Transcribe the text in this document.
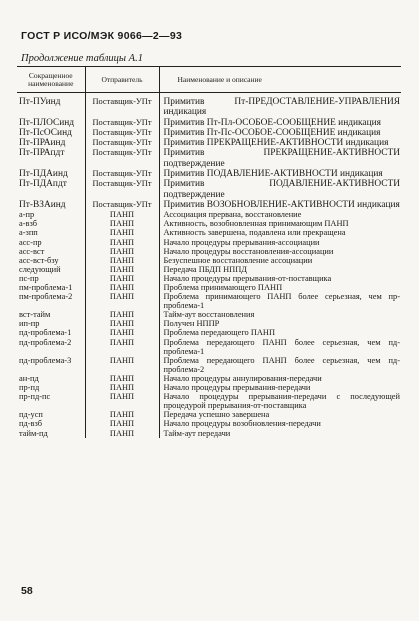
ГОСТ Р ИСО/МЭК 9066—2—93
Продолжение таблицы А.1
Сокращенное наименование	Отправитель	Наименование и описание
Пт-ПУинд	Поставщик-УПт	Примитив Пт-ПРЕДОСТАВЛЕНИЕ-УПРАВЛЕНИЯ индикация
Пт-ПЛОСинд	Поставщик-УПт	Примитив Пт-Пл-ОСОБОЕ-СООБЩЕНИЕ индикация
Пт-ПсОСинд	Поставщик-УПт	Примитив Пт-Пс-ОСОБОЕ-СООБЩЕНИЕ индикация
Пт-ПРАинд	Поставщик-УПт	Примитив ПРЕКРАЩЕНИЕ-АКТИВНОСТИ индикация
Пт-ПРАпдт	Поставщик-УПт	Примитив ПРЕКРАЩЕНИЕ-АКТИВНОСТИ подтверждение
Пт-ПДАинд	Поставщик-УПт	Примитив ПОДАВЛЕНИЕ-АКТИВНОСТИ индикация
Пт-ПДАпдт	Поставщик-УПт	Примитив ПОДАВЛЕНИЕ-АКТИВНОСТИ подтверждение
Пт-ВЗАинд	Поставщик-УПт	Примитив ВОЗОБНОВЛЕНИЕ-АКТИВНОСТИ индикация
а-пр	ПАНП	Ассоциация прервана, восстановление
а-взб	ПАНП	Активность, возобновленная принимающим ПАНП
а-зпп	ПАНП	Активность завершена, подавлена или прекращена
асс-пр	ПАНП	Начало процедуры прерывания-ассоциации
асс-вст	ПАНП	Начало процедуры восстановления-ассоциации
асс-вст-бзу	ПАНП	Безуспешное восстановление ассоциации
следующий	ПАНП	Передача ПБДП НППД
пс-пр	ПАНП	Начало процедуры прерывания-от-поставщика
пм-проблема-1	ПАНП	Проблема принимающего ПАНП
пм-проблема-2	ПАНП	Проблема принимающего ПАНП более серьезная, чем пр-проблема-1
вст-тайм	ПАНП	Тайм-аут восстановления
ип-пр	ПАНП	Получен НППР
пд-проблема-1	ПАНП	Проблема передающего ПАНП
пд-проблема-2	ПАНП	Проблема передающего ПАНП более серьезная, чем пд-проблема-1
пд-проблема-3	ПАНП	Проблема передающего ПАНП более серьезная, чем пд-проблема-2
ан-пд	ПАНП	Начало процедуры аннулирования-передачи
пр-пд	ПАНП	Начало процедуры прерывания-передачи
пр-пд-пс	ПАНП	Начало процедуры прерывания-передачи с последующей процедурой прерывания-от-поставщика
пд-усп	ПАНП	Передача успешно завершена
пд-взб	ПАНП	Начало процедуры возобновления-передачи
тайм-пд	ПАНП	Тайм-аут передачи
58
